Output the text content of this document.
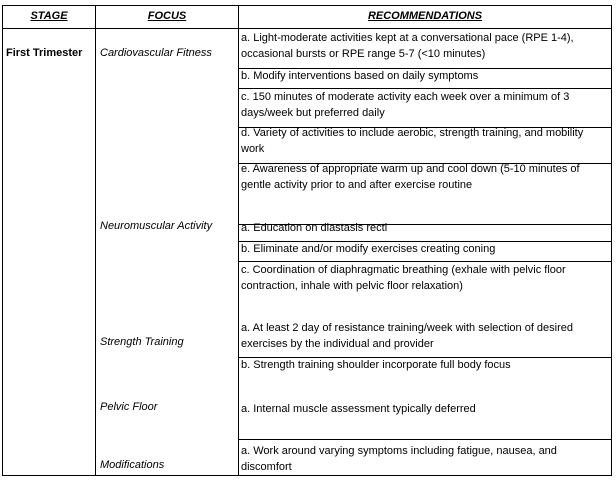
STAGE	FOCUS	RECOMMENDATIONS
First Trimester Cardiovascular Fitness
Neuromuscular Activity
Strength Training
Pelvic Floor
Modifications
a. Light-moderate activities kept at a conversational pace (RPE 1-4), occasional bursts or RPE range 5-7 (<10 minutes)
b. Modify interventions based on daily symptoms
c. 150 minutes of moderate activity each week over a minimum of 3 days/week but preferred daily
d. Variety of activities to include aerobic, strength training, and mobility work
e. Awareness of appropriate warm up and cool down (5-10 minutes of gentle activity prior to and after exercise routine
a. Education on diastasis recti
b. Eliminate and/or modify exercises creating coning
c. Coordination of diaphragmatic breathing (exhale with pelvic floor contraction, inhale with pelvic floor relaxation)
a. At least 2 day of resistance training/week with selection of desired exercises by the individual and provider
b. Strength training shoulder incorporate full body focus
a. Internal muscle assessment typically deferred
a. Work around varying symptoms including fatigue, nausea, and discomfort
